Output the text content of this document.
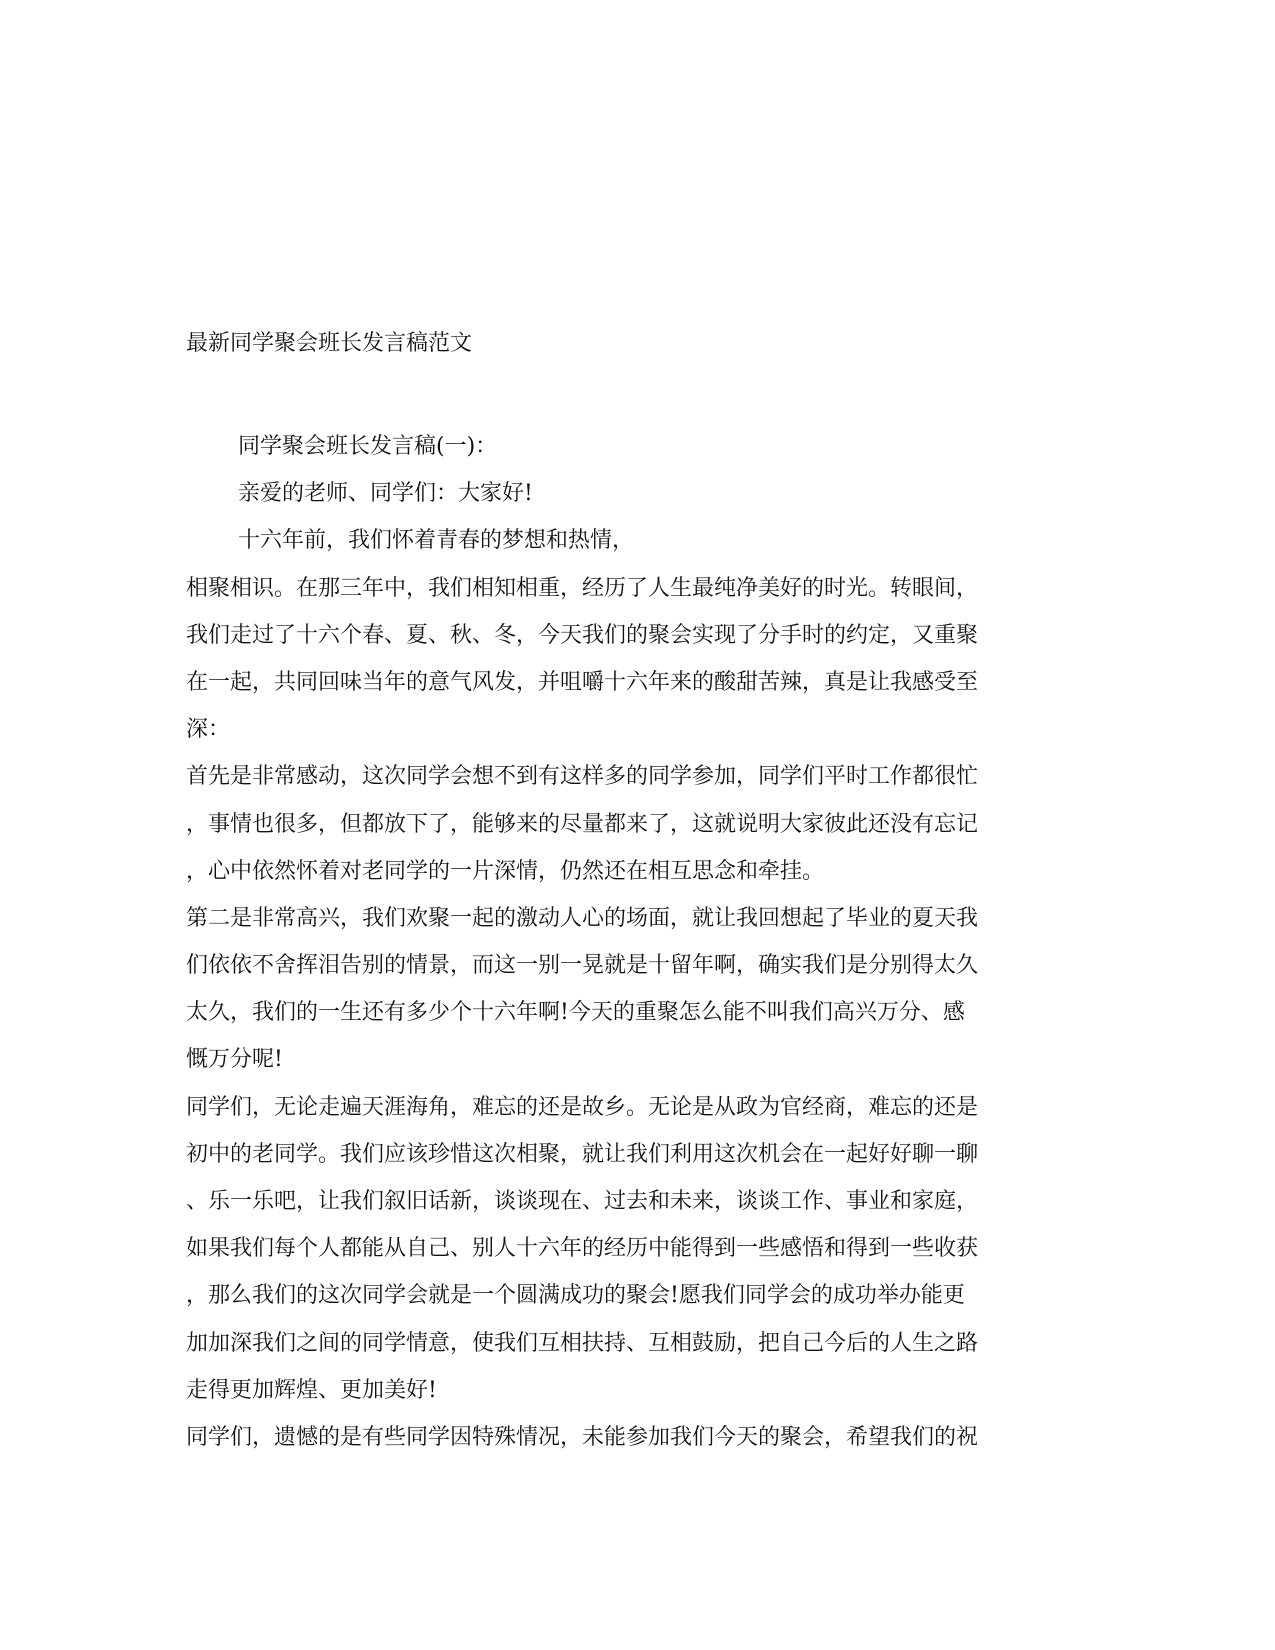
最新同学聚会班长发言稿范文
同学聚会班长发言稿(一)：
亲爱的老师、同学们：大家好!
十六年前，我们怀着青春的梦想和热情，
相聚相识。在那三年中，我们相知相重，经历了人生最纯净美好的时光。转眼间，
我们走过了十六个春、夏、秋、冬，今天我们的聚会实现了分手时的约定，又重聚
在一起，共同回味当年的意气风发，并咀嚼十六年来的酸甜苦辣，真是让我感受至
深：
首先是非常感动，这次同学会想不到有这样多的同学参加，同学们平时工作都很忙
，事情也很多，但都放下了，能够来的尽量都来了，这就说明大家彼此还没有忘记
，心中依然怀着对老同学的一片深情，仍然还在相互思念和牵挂。
第二是非常高兴，我们欢聚一起的激动人心的场面，就让我回想起了毕业的夏天我
们依依不舍挥泪告别的情景，而这一别一晃就是十留年啊，确实我们是分别得太久
太久，我们的一生还有多少个十六年啊!今天的重聚怎么能不叫我们高兴万分、感
慨万分呢!
同学们，无论走遍天涯海角，难忘的还是故乡。无论是从政为官经商，难忘的还是
初中的老同学。我们应该珍惜这次相聚，就让我们利用这次机会在一起好好聊一聊
、乐一乐吧，让我们叙旧话新，谈谈现在、过去和未来，谈谈工作、事业和家庭，
如果我们每个人都能从自己、别人十六年的经历中能得到一些感悟和得到一些收获
，那么我们的这次同学会就是一个圆满成功的聚会!愿我们同学会的成功举办能更
加加深我们之间的同学情意，使我们互相扶持、互相鼓励，把自己今后的人生之路
走得更加辉煌、更加美好!
同学们，遗憾的是有些同学因特殊情况，未能参加我们今天的聚会，希望我们的祝
